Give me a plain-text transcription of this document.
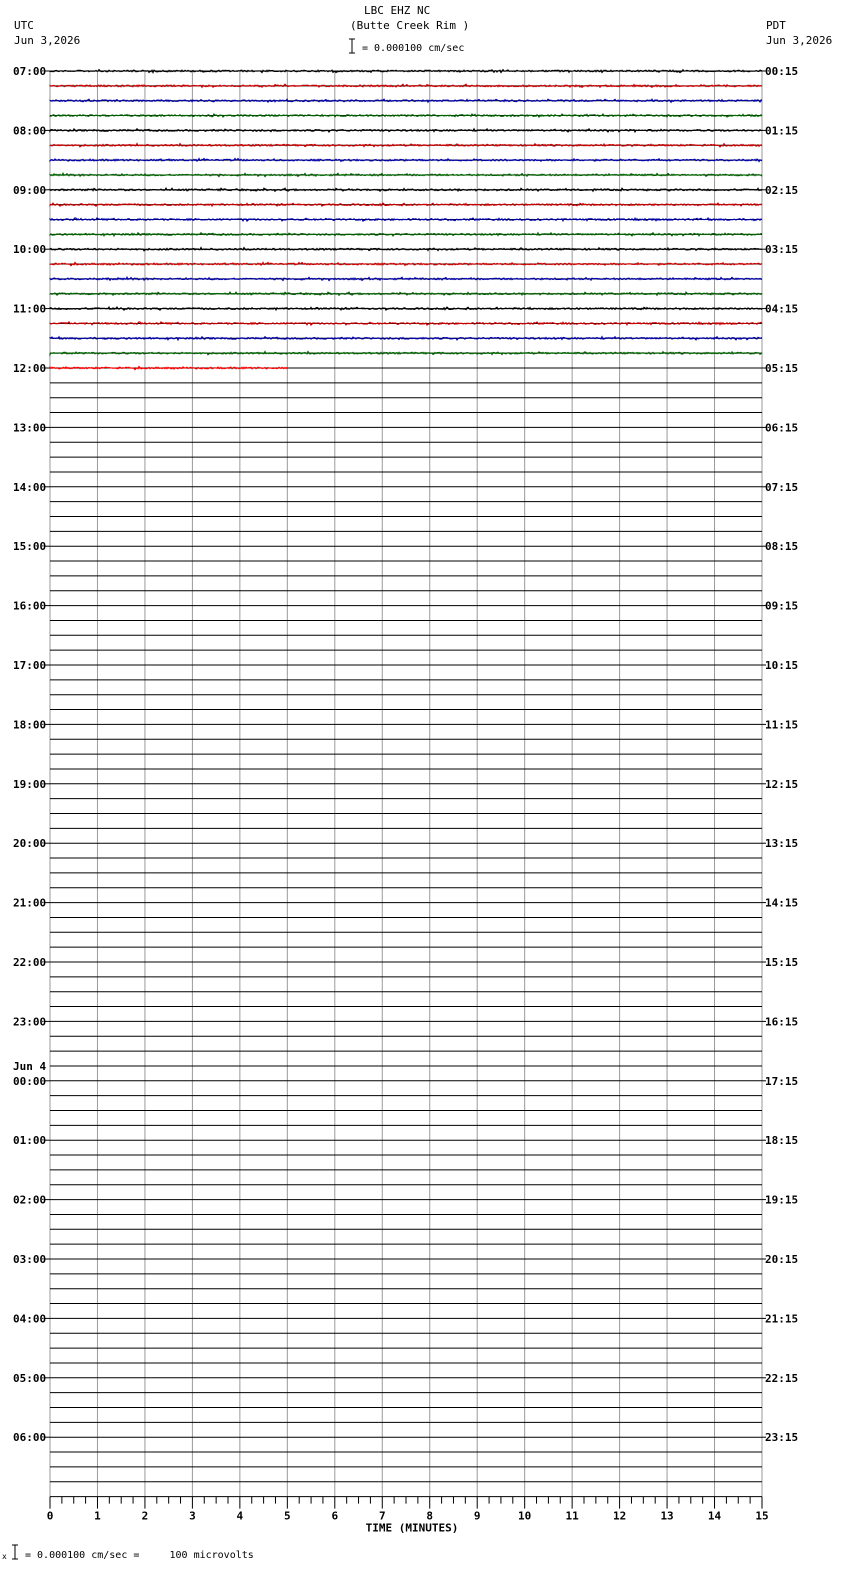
LBC EHZ NC
(Butte Creek Rim )
= 0.000100 cm/sec
UTC
Jun 3,2026
PDT
Jun 3,2026
x = 0.000100 cm/sec =     100 microvolts
07:00	00:15
08:00	01:15
09:00	02:15
10:00	03:15
11:00	04:15
12:00	05:15
13:00	06:15
14:00	07:15
15:00	08:15
16:00	09:15
17:00	10:15
18:00	11:15
19:00	12:15
20:00	13:15
21:00	14:15
22:00	15:15
23:00	16:15
00:00	17:15
01:00	18:15
02:00	19:15
03:00	20:15
04:00	21:15
05:00	22:15
06:00	23:15
Jun 4
0	1	2	3	4	5	6	7	8	9	10	11	12	13	14	15
TIME (MINUTES)
